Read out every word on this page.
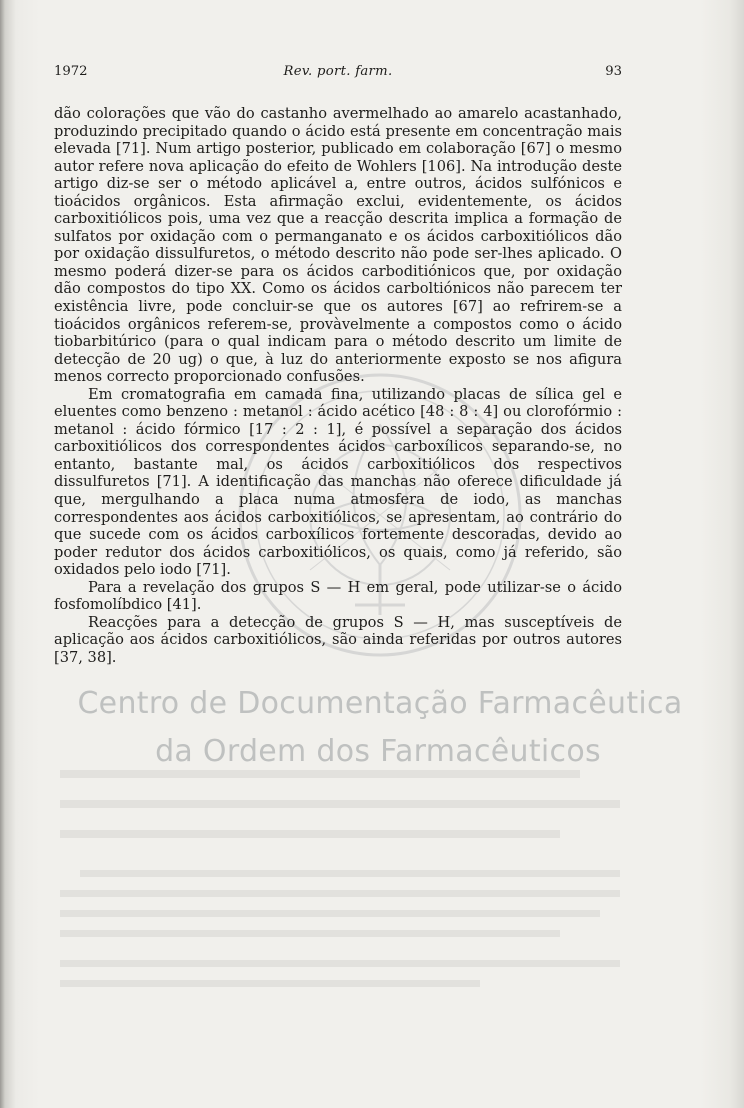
1972	Rev. port. farm.	93

dão colorações que vão do castanho avermelhado ao amarelo acastanhado, produzindo precipitado quando o ácido está presente em concentração mais elevada [71]. Num artigo posterior, publicado em colaboração [67] o mesmo autor refere nova aplicação do efeito de Wohlers [106]. Na introdução deste artigo diz-se ser o método aplicável a, entre outros, ácidos sulfónicos e tioácidos orgânicos. Esta afirmação exclui, evidentemente, os ácidos carboxitiólicos pois, uma vez que a reacção descrita implica a formação de sulfatos por oxidação com o permanganato e os ácidos carboxitiólicos dão por oxidação dissulfuretos, o método descrito não pode ser-lhes aplicado. O mesmo poderá dizer-se para os ácidos carboditiónicos que, por oxidação dão compostos do tipo XX. Como os ácidos carboltiónicos não parecem ter existência livre, pode concluir-se que os autores [67] ao refrirem-se a tioácidos orgânicos referem-se, provàvelmente a compostos como o ácido tiobarbitúrico (para o qual indicam para o método descrito um limite de detecção de 20 ug) o que, à luz do anteriormente exposto se nos afigura menos correcto proporcionado confusões.

Em cromatografia em camada fina, utilizando placas de sílica gel e eluentes como benzeno : metanol : ácido acético [48 : 8 : 4] ou clorofórmio : metanol : ácido fórmico [17 : 2 : 1], é possível a separação dos ácidos carboxitiólicos dos correspondentes ácidos carboxílicos separando-se, no entanto, bastante mal, os ácidos carboxitiólicos dos respectivos dissulfuretos [71]. A identificação das manchas não oferece dificuldade já que, mergulhando a placa numa atmosfera de iodo, as manchas correspondentes aos ácidos carboxitiólicos, se apresentam, ao contrário do que sucede com os ácidos carboxílicos fortemente descoradas, devido ao poder redutor dos ácidos carboxitiólicos, os quais, como já referido, são oxidados pelo iodo [71].

Para a revelação dos grupos S — H em geral, pode utilizar-se o ácido fosfomolíbdico [41].

Reacções para a detecção de grupos S — H, mas susceptíveis de aplicação aos ácidos carboxitiólicos, são ainda referidas por outros autores [37, 38].

Centro de Documentação Farmacêutica
da Ordem dos Farmacêuticos
